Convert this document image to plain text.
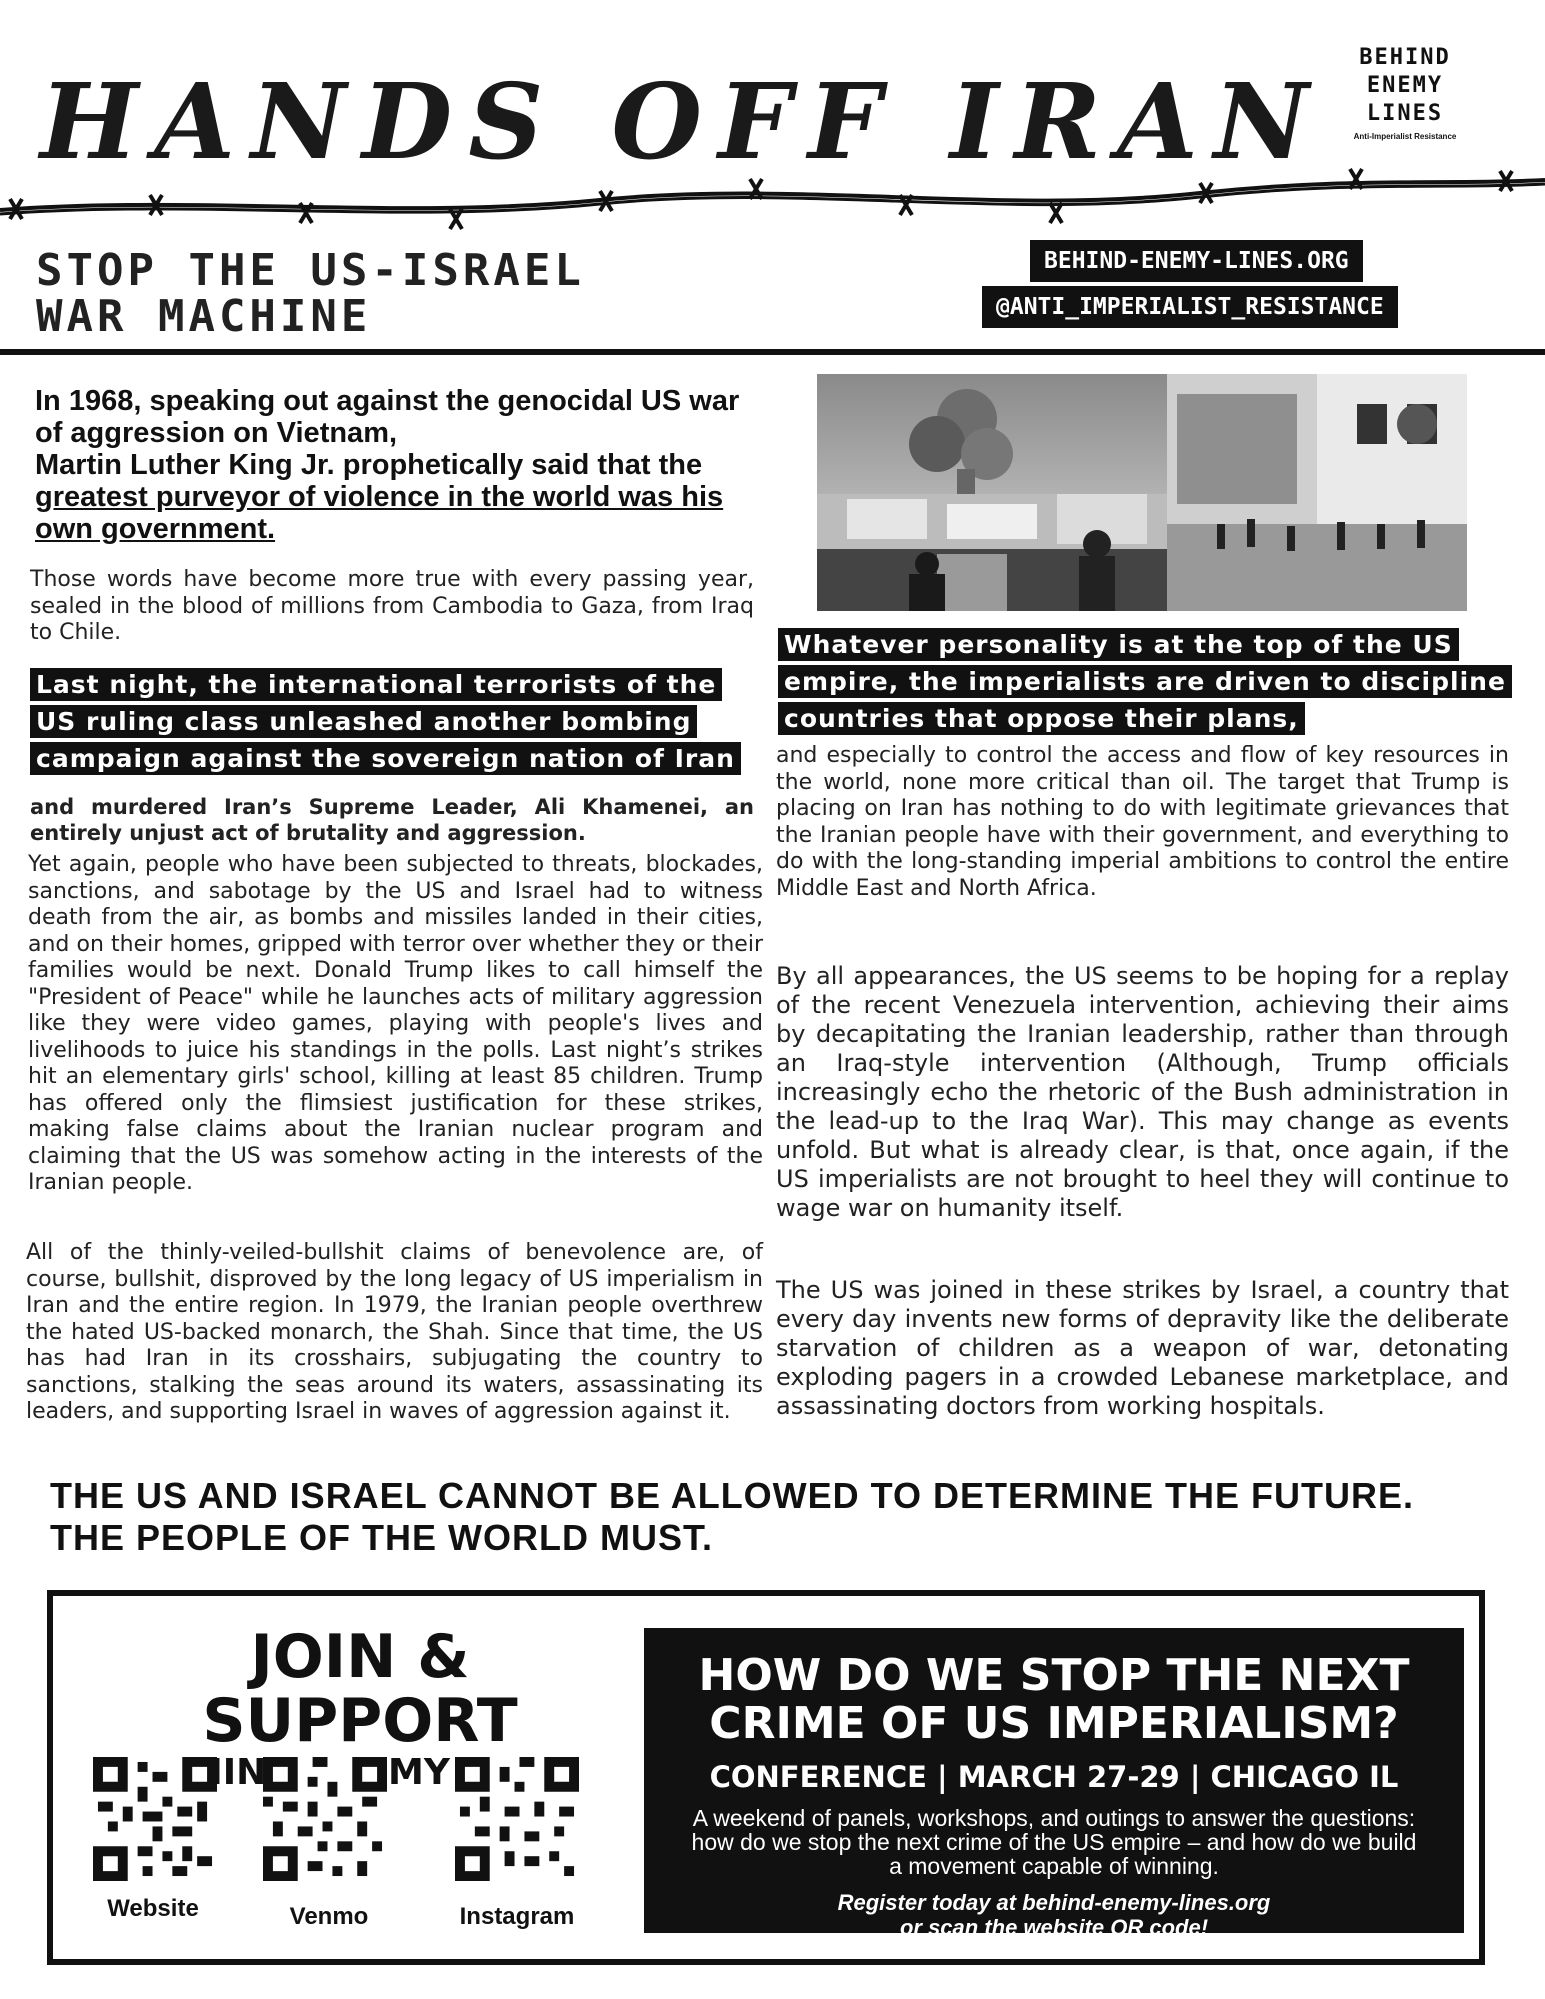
HANDS OFF IRAN
BEHIND
ENEMY
LINES
Anti-Imperialist Resistance
STOP THE US-ISRAEL
WAR MACHINE
BEHIND-ENEMY-LINES.ORG
@ANTI_IMPERIALIST_RESISTANCE
In 1968, speaking out against the genocidal US war of aggression on Vietnam,
Martin Luther King Jr. prophetically said that the greatest purveyor of violence in the world was his own government.
Those words have become more true with every passing year, sealed in the blood of millions from Cambodia to Gaza, from Iraq to Chile.
Last night, the international terrorists of the US ruling class unleashed another bombing campaign against the sovereign nation of Iran
and murdered Iran’s Supreme Leader, Ali Khamenei, an entirely unjust act of brutality and aggression.
Yet again, people who have been subjected to threats, blockades, sanctions, and sabotage by the US and Israel had to witness death from the air, as bombs and missiles landed in their cities, and on their homes, gripped with terror over whether they or their families would be next. Donald Trump likes to call himself the "President of Peace" while he launches acts of military aggression like they were video games, playing with people's lives and livelihoods to juice his standings in the polls. Last night’s strikes hit an elementary girls' school, killing at least 85 children. Trump has offered only the flimsiest justification for these strikes, making false claims about the Iranian nuclear program and claiming that the US was somehow acting in the interests of the Iranian people.
All of the thinly-veiled-bullshit claims of benevolence are, of course, bullshit, disproved by the long legacy of US imperialism in Iran and the entire region. In 1979, the Iranian people overthrew the hated US-backed monarch, the Shah. Since that time, the US has had Iran in its crosshairs, subjugating the country to sanctions, stalking the seas around its waters, assassinating its leaders, and supporting Israel in waves of aggression against it.
Whatever personality is at the top of the US empire, the imperialists are driven to discipline countries that oppose their plans,
and especially to control the access and flow of key resources in the world, none more critical than oil. The target that Trump is placing on Iran has nothing to do with legitimate grievances that the Iranian people have with their government, and everything to do with the long-standing imperial ambitions to control the entire Middle East and North Africa.
By all appearances, the US seems to be hoping for a replay of the recent Venezuela intervention, achieving their aims by decapitating the Iranian leadership, rather than through an Iraq-style intervention (Although, Trump officials increasingly echo the rhetoric of the Bush administration in the lead-up to the Iraq War). This may change as events unfold. But what is already clear, is that, once again, if the US imperialists are not brought to heel they will continue to wage war on humanity itself.
The US was joined in these strikes by Israel, a country that every day invents new forms of depravity like the deliberate starvation of children as a weapon of war, detonating exploding pagers in a crowded Lebanese marketplace, and assassinating doctors from working hospitals.
THE US AND ISRAEL CANNOT BE ALLOWED TO DETERMINE THE FUTURE.
THE PEOPLE OF THE WORLD MUST.
JOIN & SUPPORT
BEHIND
Website	Venmo	Instagram
HOW DO WE STOP THE NEXT
CRIME OF US IMPERIALISM?
CONFERENCE | MARCH 27-29 | CHICAGO IL
A weekend of panels, workshops, and outings to answer the questions: how do we stop the next crime of the US empire – and how do we build a movement capable of winning.
Register today at behind-enemy-lines.org
or scan the website QR code!
